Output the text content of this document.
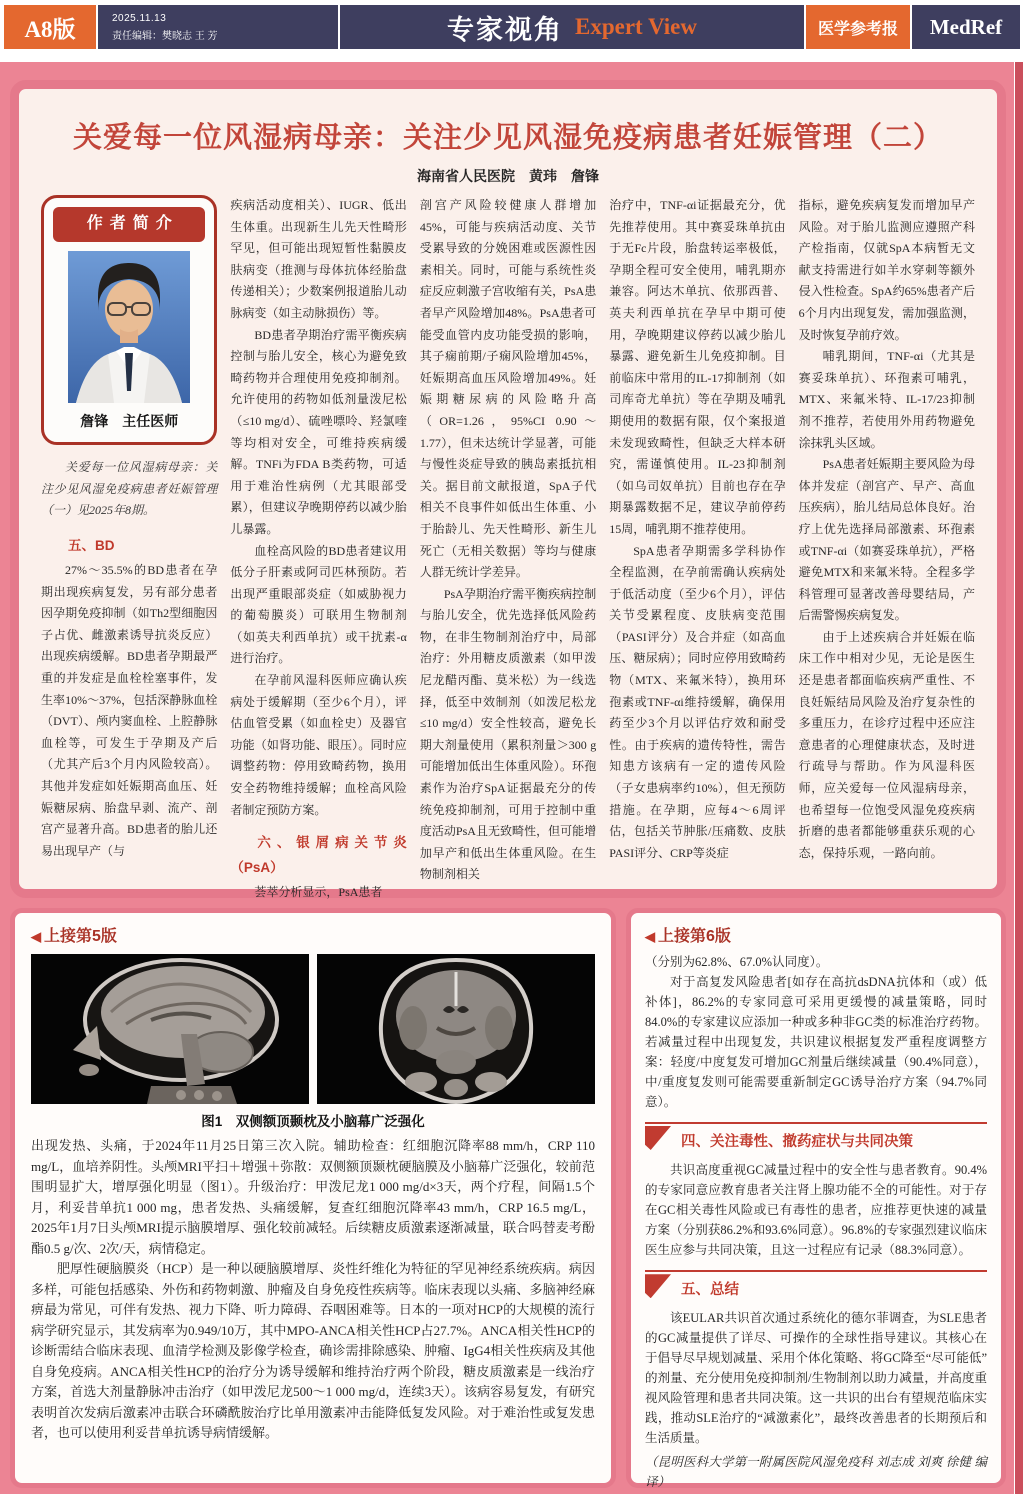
A8版	2025.11.13
责任编辑：樊晓志 王 芳	专家视角 Expert View	医学参考报	MedRef
关爱每一位风湿病母亲：关注少见风湿免疫病患者妊娠管理（二）
海南省人民医院　黄玮　詹锋
作者简介
詹锋　主任医师

关爱每一位风湿病母亲：关注少见风湿免疫病患者妊娠管理（一）见2025年8期。

五、BD

27%～35.5%的BD患者在孕期出现疾病复发，另有部分患者因孕期免疫抑制（如Th2型细胞因子占优、雌激素诱导抗炎反应）出现疾病缓解。BD患者孕期最严重的并发症是血栓栓塞事件，发生率10%～37%，包括深静脉血栓（DVT）、颅内窦血栓、上腔静脉血栓等，可发生于孕期及产后（尤其产后3个月内风险较高）。其他并发症如妊娠期高血压、妊娠糖尿病、胎盘早剥、流产、剖宫产显著升高。BD患者的胎儿还易出现早产（与

疾病活动度相关）、IUGR、低出生体重。出现新生儿先天性畸形罕见，但可能出现短暂性黏膜皮肤病变（推测与母体抗体经胎盘传递相关）；少数案例报道胎儿动脉病变（如主动脉损伤）等。

BD患者孕期治疗需平衡疾病控制与胎儿安全，核心为避免致畸药物并合理使用免疫抑制剂。允许使用的药物如低剂量泼尼松（≤10 mg/d）、硫唑嘌呤、羟氯喹等均相对安全，可维持疾病缓解。TNFi为FDA B类药物，可适用于难治性病例（尤其眼部受累），但建议孕晚期停药以减少胎儿暴露。

血栓高风险的BD患者建议用低分子肝素或阿司匹林预防。若出现严重眼部炎症（如威胁视力的葡萄膜炎）可联用生物制剂（如英夫利西单抗）或干扰素-α进行治疗。

在孕前风湿科医师应确认疾病处于缓解期（至少6个月），评估血管受累（如血栓史）及器官功能（如肾功能、眼压）。同时应调整药物：停用致畸药物，换用安全药物维持缓解；血栓高风险者制定预防方案。

六、银屑病关节炎（PsA）

荟萃分析显示，PsA患者

剖宫产风险较健康人群增加45%，可能与疾病活动度、关节受累导致的分娩困难或医源性因素相关。同时，可能与系统性炎症反应刺激子宫收缩有关，PsA患者早产风险增加48%。PsA患者可能受血管内皮功能受损的影响，其子痫前期/子痫风险增加45%，妊娠期高血压风险增加49%。妊娠期糖尿病的风险略升高（OR=1.26，95%CI 0.90～1.77），但未达统计学显著，可能与慢性炎症导致的胰岛素抵抗相关。据目前文献报道，SpA子代相关不良事件如低出生体重、小于胎龄儿、先天性畸形、新生儿死亡（无相关数据）等均与健康人群无统计学差异。

PsA孕期治疗需平衡疾病控制与胎儿安全，优先选择低风险药物，在非生物制剂治疗中，局部治疗：外用糖皮质激素（如甲泼尼龙醋丙酯、莫米松）为一线选择，低至中效制剂（如泼尼松龙≤10 mg/d）安全性较高，避免长期大剂量使用（累积剂量＞300 g可能增加低出生体重风险）。环孢素作为治疗SpA证据最充分的传统免疫抑制剂，可用于控制中重度活动PsA且无致畸性，但可能增加早产和低出生体重风险。在生物制剂相关

治疗中，TNF-αi证据最充分，优先推荐使用。其中赛妥珠单抗由于无Fc片段，胎盘转运率极低，孕期全程可安全使用，哺乳期亦兼容。阿达木单抗、依那西普、英夫利西单抗在孕早中期可使用，孕晚期建议停药以减少胎儿暴露、避免新生儿免疫抑制。目前临床中常用的IL-17抑制剂（如司库奇尤单抗）等在孕期及哺乳期使用的数据有限，仅个案报道未发现致畸性，但缺乏大样本研究，需谨慎使用。IL-23抑制剂（如乌司奴单抗）目前也存在孕期暴露数据不足，建议孕前停药15周，哺乳期不推荐使用。

SpA患者孕期需多学科协作全程监测，在孕前需确认疾病处于低活动度（至少6个月），评估关节受累程度、皮肤病变范围（PASI评分）及合并症（如高血压、糖尿病）；同时应停用致畸药物（MTX、来氟米特），换用环孢素或TNF-αi维持缓解，确保用药至少3个月以评估疗效和耐受性。由于疾病的遗传特性，需告知患方该病有一定的遗传风险（子女患病率约10%），但无预防措施。在孕期，应每4～6周评估，包括关节肿胀/压痛数、皮肤PASI评分、CRP等炎症

指标，避免疾病复发而增加早产风险。对于胎儿监测应遵照产科产检指南，仅就SpA本病暂无文献支持需进行如羊水穿刺等额外侵入性检查。SpA约65%患者产后6个月内出现复发，需加强监测，及时恢复孕前疗效。

哺乳期间，TNF-αi（尤其是赛妥珠单抗）、环孢素可哺乳，MTX、来氟米特、IL-17/23抑制剂不推荐，若使用外用药物避免涂抹乳头区域。

PsA患者妊娠期主要风险为母体并发症（剖宫产、早产、高血压疾病），胎儿结局总体良好。治疗上优先选择局部激素、环孢素或TNF-αi（如赛妥珠单抗），严格避免MTX和来氟米特。全程多学科管理可显著改善母婴结局，产后需警惕疾病复发。

由于上述疾病合并妊娠在临床工作中相对少见，无论是医生还是患者都面临疾病严重性、不良妊娠结局风险及治疗复杂性的多重压力，在诊疗过程中还应注意患者的心理健康状态，及时进行疏导与帮助。作为风湿科医师，应关爱每一位风湿病母亲，也希望每一位饱受风湿免疫疾病折磨的患者都能够重获乐观的心态，保持乐观，一路向前。

◀ 上接第5版
图1　双侧额顶颞枕及小脑幕广泛强化

出现发热、头痛，于2024年11月25日第三次入院。辅助检查：红细胞沉降率88 mm/h，CRP 110 mg/L，血培养阴性。头颅MRI平扫＋增强＋弥散：双侧额顶颞枕硬脑膜及小脑幕广泛强化，较前范围明显扩大，增厚强化明显（图1）。升级治疗：甲泼尼龙1 000 mg/d×3天，两个疗程，间隔1.5个月，利妥昔单抗1 000 mg，患者发热、头痛缓解，复查红细胞沉降率43 mm/h，CRP 16.5 mg/L，2025年1月7日头颅MRI提示脑膜增厚、强化较前减轻。后续糖皮质激素逐渐减量，联合吗替麦考酚酯0.5 g/次、2次/天，病情稳定。

肥厚性硬脑膜炎（HCP）是一种以硬脑膜增厚、炎性纤维化为特征的罕见神经系统疾病。病因多样，可能包括感染、外伤和药物刺激、肿瘤及自身免疫性疾病等。临床表现以头痛、多脑神经麻痹最为常见，可伴有发热、视力下降、听力障碍、吞咽困难等。日本的一项对HCP的大规模的流行病学研究显示，其发病率为0.949/10万，其中MPO-ANCA相关性HCP占27.7%。ANCA相关性HCP的诊断需结合临床表现、血清学检测及影像学检查，确诊需排除感染、肿瘤、IgG4相关性疾病及其他自身免疫病。ANCA相关性HCP的治疗分为诱导缓解和维持治疗两个阶段，糖皮质激素是一线治疗方案，首选大剂量静脉冲击治疗（如甲泼尼龙500～1 000 mg/d，连续3天）。该病容易复发，有研究表明首次发病后激素冲击联合环磷酰胺治疗比单用激素冲击能降低复发风险。对于难治性或复发患者，也可以使用利妥昔单抗诱导病情缓解。

◀ 上接第6版

（分别为62.8%、67.0%认同度）。

对于高复发风险患者[如存在高抗dsDNA抗体和（或）低补体]，86.2%的专家同意可采用更缓慢的减量策略，同时84.0%的专家建议应添加一种或多种非GC类的标准治疗药物。若减量过程中出现复发，共识建议根据复发严重程度调整方案：轻度/中度复发可增加GC剂量后继续减量（90.4%同意），中/重度复发则可能需要重新制定GC诱导治疗方案（94.7%同意）。

四、关注毒性、撤药症状与共同决策

共识高度重视GC减量过程中的安全性与患者教育。90.4%的专家同意应教育患者关注肾上腺功能不全的可能性。对于存在GC相关毒性风险或已有毒性的患者，应推荐更快速的减量方案（分别获86.2%和93.6%同意）。96.8%的专家强烈建议临床医生应参与共同决策，且这一过程应有记录（88.3%同意）。

五、总结

该EULAR共识首次通过系统化的德尔菲调查，为SLE患者的GC减量提供了详尽、可操作的全球性指导建议。其核心在于倡导尽早规划减量、采用个体化策略、将GC降至“尽可能低”的剂量、充分使用免疫抑制剂/生物制剂以助力减量，并高度重视风险管理和患者共同决策。这一共识的出台有望规范临床实践，推动SLE治疗的“减激素化”，最终改善患者的长期预后和生活质量。

（昆明医科大学第一附属医院风湿免疫科 刘志成 刘爽 徐健 编译）
